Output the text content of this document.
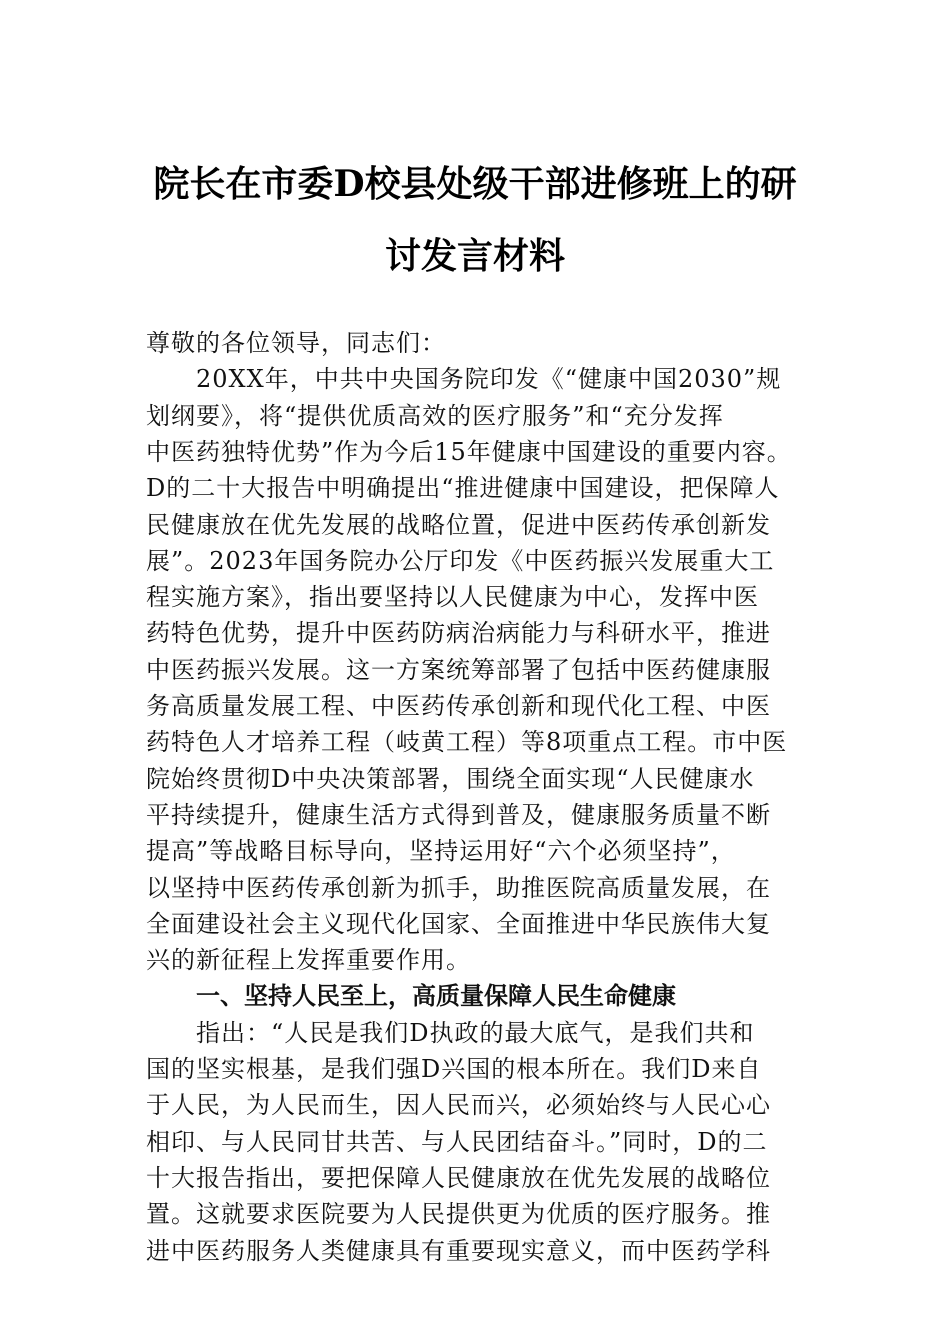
院长在市委D校县处级干部进修班上的研
讨发言材料
尊敬的各位领导，同志们：
20XX年，中共中央国务院印发《“健康中国2030”规
划纲要》，将“提供优质高效的医疗服务”和“充分发挥
中医药独特优势”作为今后15年健康中国建设的重要内容。
D的二十大报告中明确提出“推进健康中国建设，把保障人
民健康放在优先发展的战略位置，促进中医药传承创新发
展”。2023年国务院办公厅印发《中医药振兴发展重大工
程实施方案》，指出要坚持以人民健康为中心，发挥中医
药特色优势，提升中医药防病治病能力与科研水平，推进
中医药振兴发展。这一方案统筹部署了包括中医药健康服
务高质量发展工程、中医药传承创新和现代化工程、中医
药特色人才培养工程（岐黄工程）等8项重点工程。市中医
院始终贯彻D中央决策部署，围绕全面实现“人民健康水
平持续提升，健康生活方式得到普及，健康服务质量不断
提高”等战略目标导向，坚持运用好“六个必须坚持”，
以坚持中医药传承创新为抓手，助推医院高质量发展，在
全面建设社会主义现代化国家、全面推进中华民族伟大复
兴的新征程上发挥重要作用。
一、坚持人民至上，高质量保障人民生命健康
指出：“人民是我们D执政的最大底气，是我们共和
国的坚实根基，是我们强D兴国的根本所在。我们D来自
于人民，为人民而生，因人民而兴，必须始终与人民心心
相印、与人民同甘共苦、与人民团结奋斗。”同时，D的二
十大报告指出，要把保障人民健康放在优先发展的战略位
置。这就要求医院要为人民提供更为优质的医疗服务。推
进中医药服务人类健康具有重要现实意义，而中医药学科
